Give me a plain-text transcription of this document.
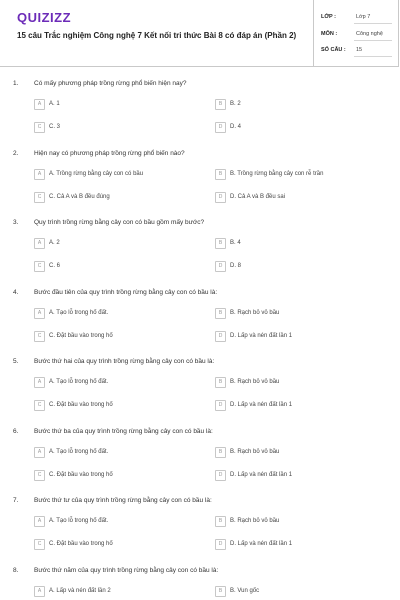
QUIZIZZ
15 câu Trắc nghiệm Công nghệ 7 Kết nối tri thức Bài 8 có đáp án (Phần 2)
LỚP :	Lớp 7
MÔN :	Công nghệ
SỐ CÂU : 15
1. Có mấy phương pháp trồng rừng phổ biến hiện nay?
A	A. 1	B	B. 2
C	C. 3	D	D. 4
2. Hiện nay có phương pháp trồng rừng phổ biến nào?
A	A. Trồng rừng bằng cây con có bầu	B	B. Trồng rừng bằng cây con rễ trần
C	C. Cả A và B đều đúng	D	D. Cả A và B đều sai
3. Quy trình trồng rừng bằng cây con có bầu gồm mấy bước?
A	A. 2	B	B. 4
C	C. 6	D	D. 8
4. Bước đầu tiên của quy trình trồng rừng bằng cây con có bầu là:
A	A. Tạo lỗ trong hố đất.	B	B. Rạch bỏ vỏ bầu
C	C. Đặt bầu vào trong hố	D	D. Lấp và nén đất lần 1
5. Bước thứ hai của quy trình trồng rừng bằng cây con có bầu là:
A	A. Tạo lỗ trong hố đất.	B	B. Rạch bỏ vỏ bầu
C	C. Đặt bầu vào trong hố	D	D. Lấp và nén đất lần 1
6. Bước thứ ba của quy trình trồng rừng bằng cây con có bầu là:
A	A. Tạo lỗ trong hố đất.	B	B. Rạch bỏ vỏ bầu
C	C. Đặt bầu vào trong hố	D	D. Lấp và nén đất lần 1
7. Bước thứ tư của quy trình trồng rừng bằng cây con có bầu là:
A	A. Tạo lỗ trong hố đất.	B	B. Rạch bỏ vỏ bầu
C	C. Đặt bầu vào trong hố	D	D. Lấp và nén đất lần 1
8. Bước thứ năm của quy trình trồng rừng bằng cây con có bầu là:
A	A. Lấp và nén đất lần 2	B	B. Vun gốc
